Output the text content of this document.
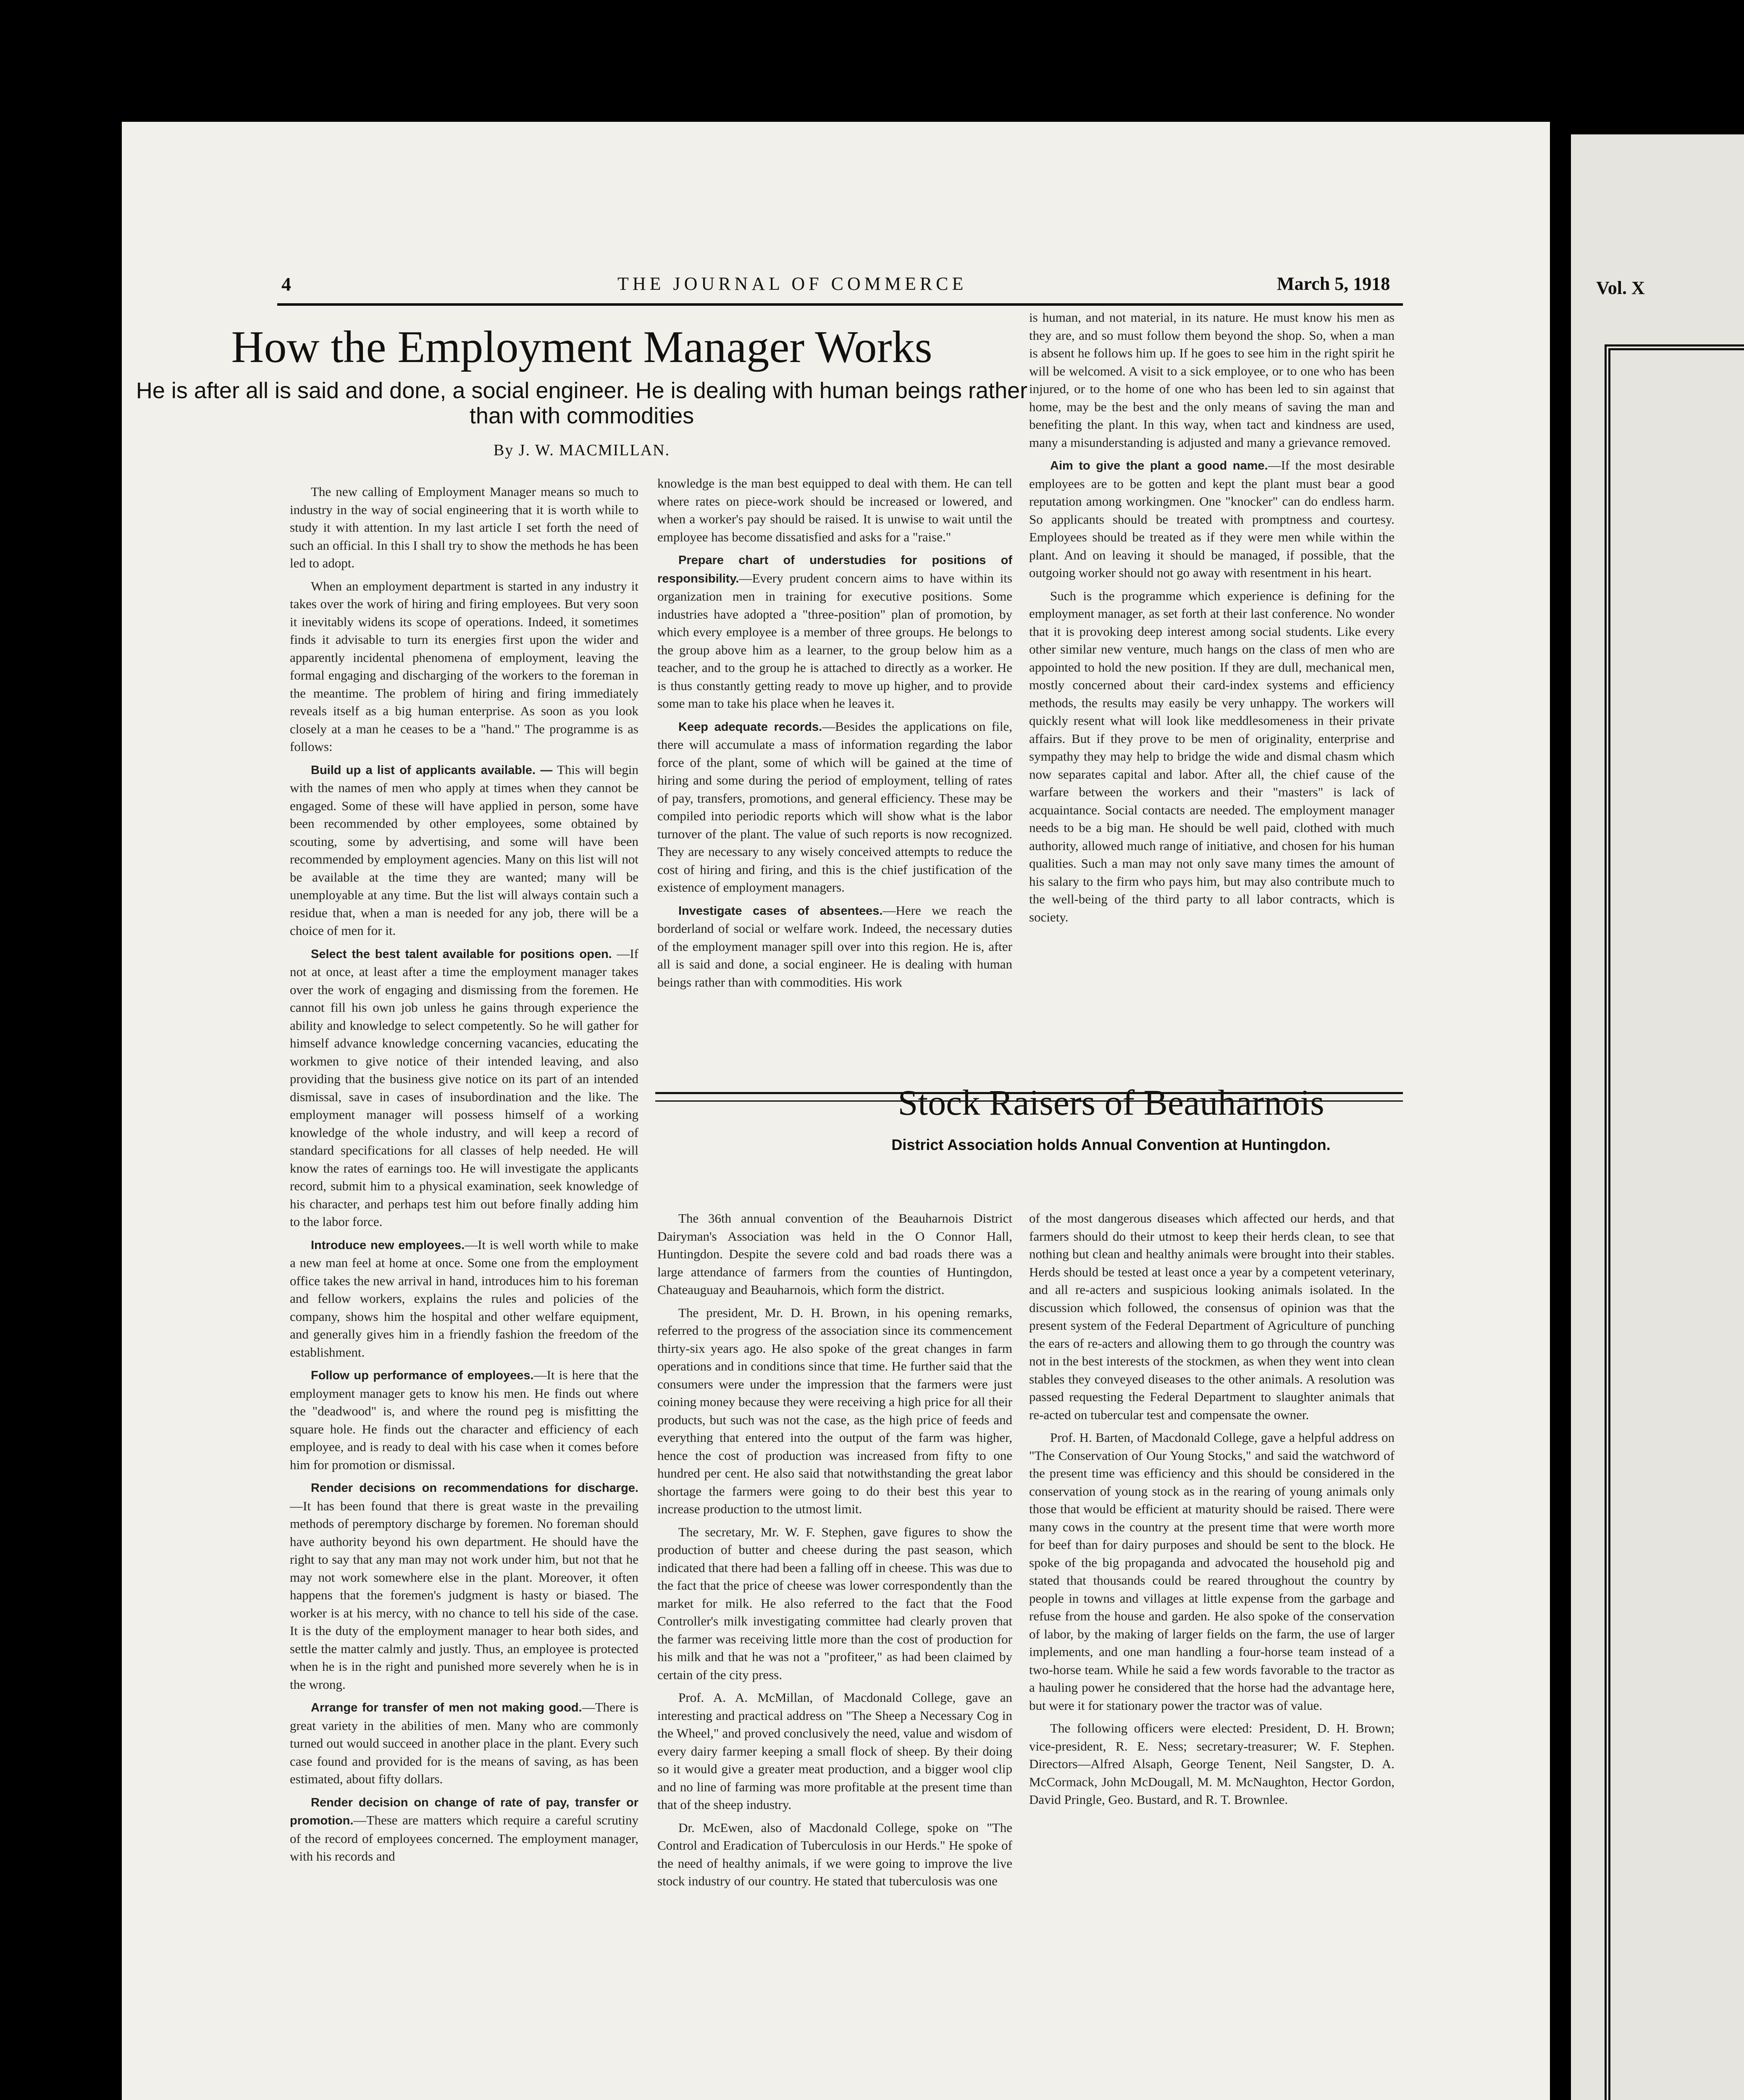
Vol. X
4	THE JOURNAL OF COMMERCE	March 5, 1918
How the Employment Manager Works
He is after all is said and done, a social engineer. He is dealing with human beings rather than with commodities
By J. W. MACMILLAN.

The new calling of Employment Manager means so much to industry in the way of social engineering that it is worth while to study it with attention. In my last article I set forth the need of such an official. In this I shall try to show the methods he has been led to adopt.

When an employment department is started in any industry it takes over the work of hiring and firing employees. But very soon it inevitably widens its scope of operations. Indeed, it sometimes finds it advisable to turn its energies first upon the wider and apparently incidental phenomena of employment, leaving the formal engaging and discharging of the workers to the foreman in the meantime. The problem of hiring and firing immediately reveals itself as a big human enterprise. As soon as you look closely at a man he ceases to be a "hand." The programme is as follows:

Build up a list of applicants available. — This will begin with the names of men who apply at times when they cannot be engaged. Some of these will have applied in person, some have been recommended by other employees, some obtained by scouting, some by advertising, and some will have been recommended by employment agencies. Many on this list will not be available at the time they are wanted; many will be unemployable at any time. But the list will always contain such a residue that, when a man is needed for any job, there will be a choice of men for it.

Select the best talent available for positions open. —If not at once, at least after a time the employment manager takes over the work of engaging and dismissing from the foremen. He cannot fill his own job unless he gains through experience the ability and knowledge to select competently. So he will gather for himself advance knowledge concerning vacancies, educating the workmen to give notice of their intended leaving, and also providing that the business give notice on its part of an intended dismissal, save in cases of insubordination and the like. The employment manager will possess himself of a working knowledge of the whole industry, and will keep a record of standard specifications for all classes of help needed. He will know the rates of earnings too. He will investigate the applicants record, submit him to a physical examination, seek knowledge of his character, and perhaps test him out before finally adding him to the labor force.

Introduce new employees.—It is well worth while to make a new man feel at home at once. Some one from the employment office takes the new arrival in hand, introduces him to his foreman and fellow workers, explains the rules and policies of the company, shows him the hospital and other welfare equipment, and generally gives him in a friendly fashion the freedom of the establishment.

Follow up performance of employees.—It is here that the employment manager gets to know his men. He finds out where the "deadwood" is, and where the round peg is misfitting the square hole. He finds out the character and efficiency of each employee, and is ready to deal with his case when it comes before him for promotion or dismissal.

Render decisions on recommendations for discharge. —It has been found that there is great waste in the prevailing methods of peremptory discharge by foremen. No foreman should have authority beyond his own department. He should have the right to say that any man may not work under him, but not that he may not work somewhere else in the plant. Moreover, it often happens that the foremen's judgment is hasty or biased. The worker is at his mercy, with no chance to tell his side of the case. It is the duty of the employment manager to hear both sides, and settle the matter calmly and justly. Thus, an employee is protected when he is in the right and punished more severely when he is in the wrong.

Arrange for transfer of men not making good.—There is great variety in the abilities of men. Many who are commonly turned out would succeed in another place in the plant. Every such case found and provided for is the means of saving, as has been estimated, about fifty dollars.

Render decision on change of rate of pay, transfer or promotion.—These are matters which require a careful scrutiny of the record of employees concerned. The employment manager, with his records and

knowledge is the man best equipped to deal with them. He can tell where rates on piece-work should be increased or lowered, and when a worker's pay should be raised. It is unwise to wait until the employee has become dissatisfied and asks for a "raise."

Prepare chart of understudies for positions of responsibility.—Every prudent concern aims to have within its organization men in training for executive positions. Some industries have adopted a "three-position" plan of promotion, by which every employee is a member of three groups. He belongs to the group above him as a learner, to the group below him as a teacher, and to the group he is attached to directly as a worker. He is thus constantly getting ready to move up higher, and to provide some man to take his place when he leaves it.

Keep adequate records.—Besides the applications on file, there will accumulate a mass of information regarding the labor force of the plant, some of which will be gained at the time of hiring and some during the period of employment, telling of rates of pay, transfers, promotions, and general efficiency. These may be compiled into periodic reports which will show what is the labor turnover of the plant. The value of such reports is now recognized. They are necessary to any wisely conceived attempts to reduce the cost of hiring and firing, and this is the chief justification of the existence of employment managers.

Investigate cases of absentees.—Here we reach the borderland of social or welfare work. Indeed, the necessary duties of the employment manager spill over into this region. He is, after all is said and done, a social engineer. He is dealing with human beings rather than with commodities. His work

is human, and not material, in its nature. He must know his men as they are, and so must follow them beyond the shop. So, when a man is absent he follows him up. If he goes to see him in the right spirit he will be welcomed. A visit to a sick employee, or to one who has been injured, or to the home of one who has been led to sin against that home, may be the best and the only means of saving the man and benefiting the plant. In this way, when tact and kindness are used, many a misunderstanding is adjusted and many a grievance removed.

Aim to give the plant a good name.—If the most desirable employees are to be gotten and kept the plant must bear a good reputation among workingmen. One "knocker" can do endless harm. So applicants should be treated with promptness and courtesy. Employees should be treated as if they were men while within the plant. And on leaving it should be managed, if possible, that the outgoing worker should not go away with resentment in his heart.

Such is the programme which experience is defining for the employment manager, as set forth at their last conference. No wonder that it is provoking deep interest among social students. Like every other similar new venture, much hangs on the class of men who are appointed to hold the new position. If they are dull, mechanical men, mostly concerned about their card-index systems and efficiency methods, the results may easily be very unhappy. The workers will quickly resent what will look like meddlesomeness in their private affairs. But if they prove to be men of originality, enterprise and sympathy they may help to bridge the wide and dismal chasm which now separates capital and labor. After all, the chief cause of the warfare between the workers and their "masters" is lack of acquaintance. Social contacts are needed. The employment manager needs to be a big man. He should be well paid, clothed with much authority, allowed much range of initiative, and chosen for his human qualities. Such a man may not only save many times the amount of his salary to the firm who pays him, but may also contribute much to the well-being of the third party to all labor contracts, which is society.

Stock Raisers of Beauharnois
District Association holds Annual Convention at Huntingdon.

The 36th annual convention of the Beauharnois District Dairyman's Association was held in the O Connor Hall, Huntingdon. Despite the severe cold and bad roads there was a large attendance of farmers from the counties of Huntingdon, Chateauguay and Beauharnois, which form the district.

The president, Mr. D. H. Brown, in his opening remarks, referred to the progress of the association since its commencement thirty-six years ago. He also spoke of the great changes in farm operations and in conditions since that time. He further said that the consumers were under the impression that the farmers were just coining money because they were receiving a high price for all their products, but such was not the case, as the high price of feeds and everything that entered into the output of the farm was higher, hence the cost of production was increased from fifty to one hundred per cent. He also said that notwithstanding the great labor shortage the farmers were going to do their best this year to increase production to the utmost limit.

The secretary, Mr. W. F. Stephen, gave figures to show the production of butter and cheese during the past season, which indicated that there had been a falling off in cheese. This was due to the fact that the price of cheese was lower correspondently than the market for milk. He also referred to the fact that the Food Controller's milk investigating committee had clearly proven that the farmer was receiving little more than the cost of production for his milk and that he was not a "profiteer," as had been claimed by certain of the city press.

Prof. A. A. McMillan, of Macdonald College, gave an interesting and practical address on "The Sheep a Necessary Cog in the Wheel," and proved conclusively the need, value and wisdom of every dairy farmer keeping a small flock of sheep. By their doing so it would give a greater meat production, and a bigger wool clip and no line of farming was more profitable at the present time than that of the sheep industry.

Dr. McEwen, also of Macdonald College, spoke on "The Control and Eradication of Tuberculosis in our Herds." He spoke of the need of healthy animals, if we were going to improve the live stock industry of our country. He stated that tuberculosis was one

of the most dangerous diseases which affected our herds, and that farmers should do their utmost to keep their herds clean, to see that nothing but clean and healthy animals were brought into their stables. Herds should be tested at least once a year by a competent veterinary, and all re-acters and suspicious looking animals isolated. In the discussion which followed, the consensus of opinion was that the present system of the Federal Department of Agriculture of punching the ears of re-acters and allowing them to go through the country was not in the best interests of the stockmen, as when they went into clean stables they conveyed diseases to the other animals. A resolution was passed requesting the Federal Department to slaughter animals that re-acted on tubercular test and compensate the owner.

Prof. H. Barten, of Macdonald College, gave a helpful address on "The Conservation of Our Young Stocks," and said the watchword of the present time was efficiency and this should be considered in the conservation of young stock as in the rearing of young animals only those that would be efficient at maturity should be raised. There were many cows in the country at the present time that were worth more for beef than for dairy purposes and should be sent to the block. He spoke of the big propaganda and advocated the household pig and stated that thousands could be reared throughout the country by people in towns and villages at little expense from the garbage and refuse from the house and garden. He also spoke of the conservation of labor, by the making of larger fields on the farm, the use of larger implements, and one man handling a four-horse team instead of a two-horse team. While he said a few words favorable to the tractor as a hauling power he considered that the horse had the advantage here, but were it for stationary power the tractor was of value.

The following officers were elected: President, D. H. Brown; vice-president, R. E. Ness; secretary-treasurer; W. F. Stephen. Directors—Alfred Alsaph, George Tenent, Neil Sangster, D. A. McCormack, John McDougall, M. M. McNaughton, Hector Gordon, David Pringle, Geo. Bustard, and R. T. Brownlee.
